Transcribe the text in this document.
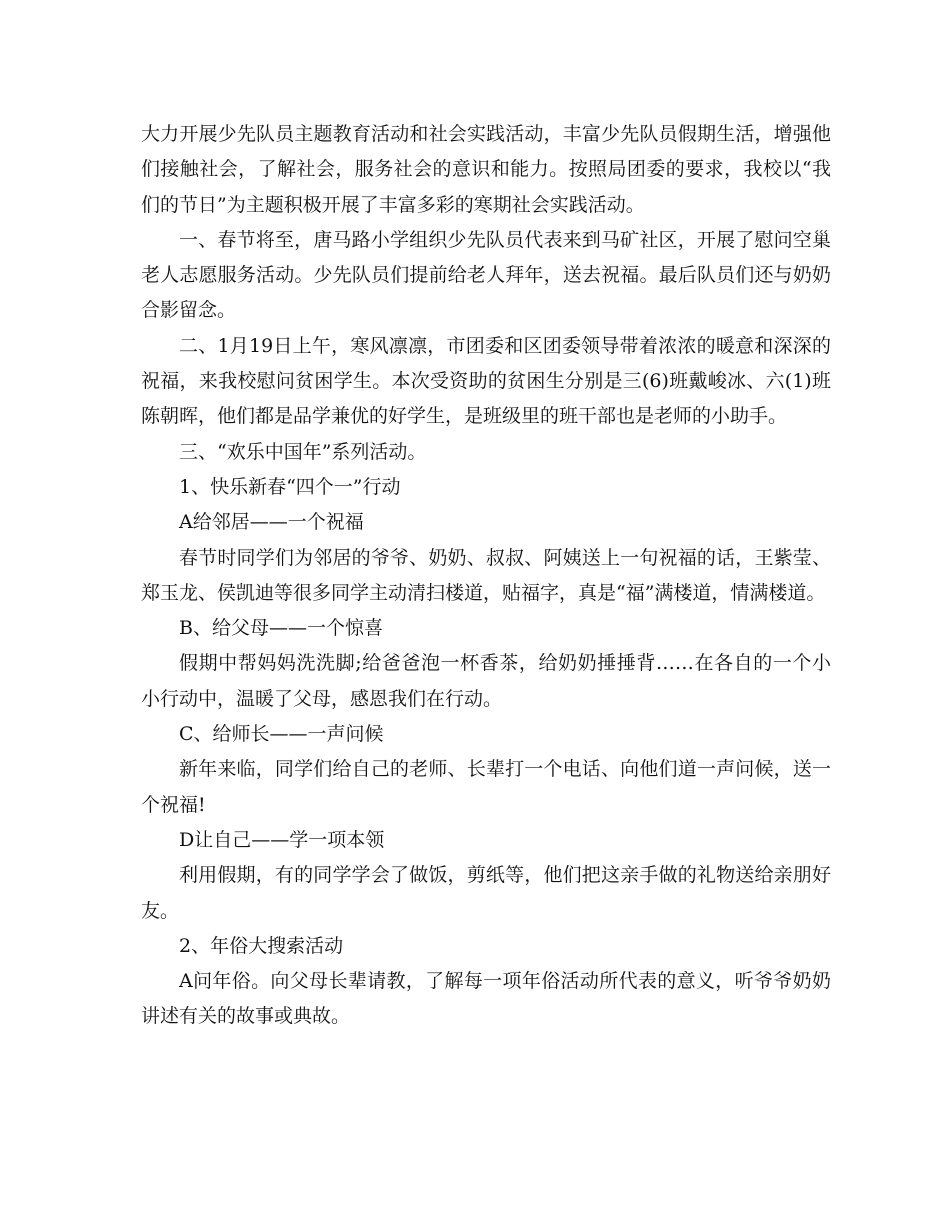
大力开展少先队员主题教育活动和社会实践活动，丰富少先队员假期生活，增强他们接触社会，了解社会，服务社会的意识和能力。按照局团委的要求，我校以“我们的节日”为主题积极开展了丰富多彩的寒期社会实践活动。

一、春节将至，唐马路小学组织少先队员代表来到马矿社区，开展了慰问空巢老人志愿服务活动。少先队员们提前给老人拜年，送去祝福。最后队员们还与奶奶合影留念。

二、1月19日上午，寒风凛凛，市团委和区团委领导带着浓浓的暖意和深深的祝福，来我校慰问贫困学生。本次受资助的贫困生分别是三(6)班戴峻冰、六(1)班陈朝晖，他们都是品学兼优的好学生，是班级里的班干部也是老师的小助手。

三、“欢乐中国年”系列活动。

1、快乐新春“四个一”行动

A给邻居——一个祝福

春节时同学们为邻居的爷爷、奶奶、叔叔、阿姨送上一句祝福的话，王紫莹、郑玉龙、侯凯迪等很多同学主动清扫楼道，贴福字，真是“福”满楼道，情满楼道。

B、给父母——一个惊喜

假期中帮妈妈洗洗脚;给爸爸泡一杯香茶，给奶奶捶捶背……在各自的一个小小行动中，温暖了父母，感恩我们在行动。

C、给师长——一声问候

新年来临，同学们给自己的老师、长辈打一个电话、向他们道一声问候，送一个祝福!

D让自己——学一项本领

利用假期，有的同学学会了做饭，剪纸等，他们把这亲手做的礼物送给亲朋好友。

2、年俗大搜索活动

A问年俗。向父母长辈请教，了解每一项年俗活动所代表的意义，听爷爷奶奶讲述有关的故事或典故。
